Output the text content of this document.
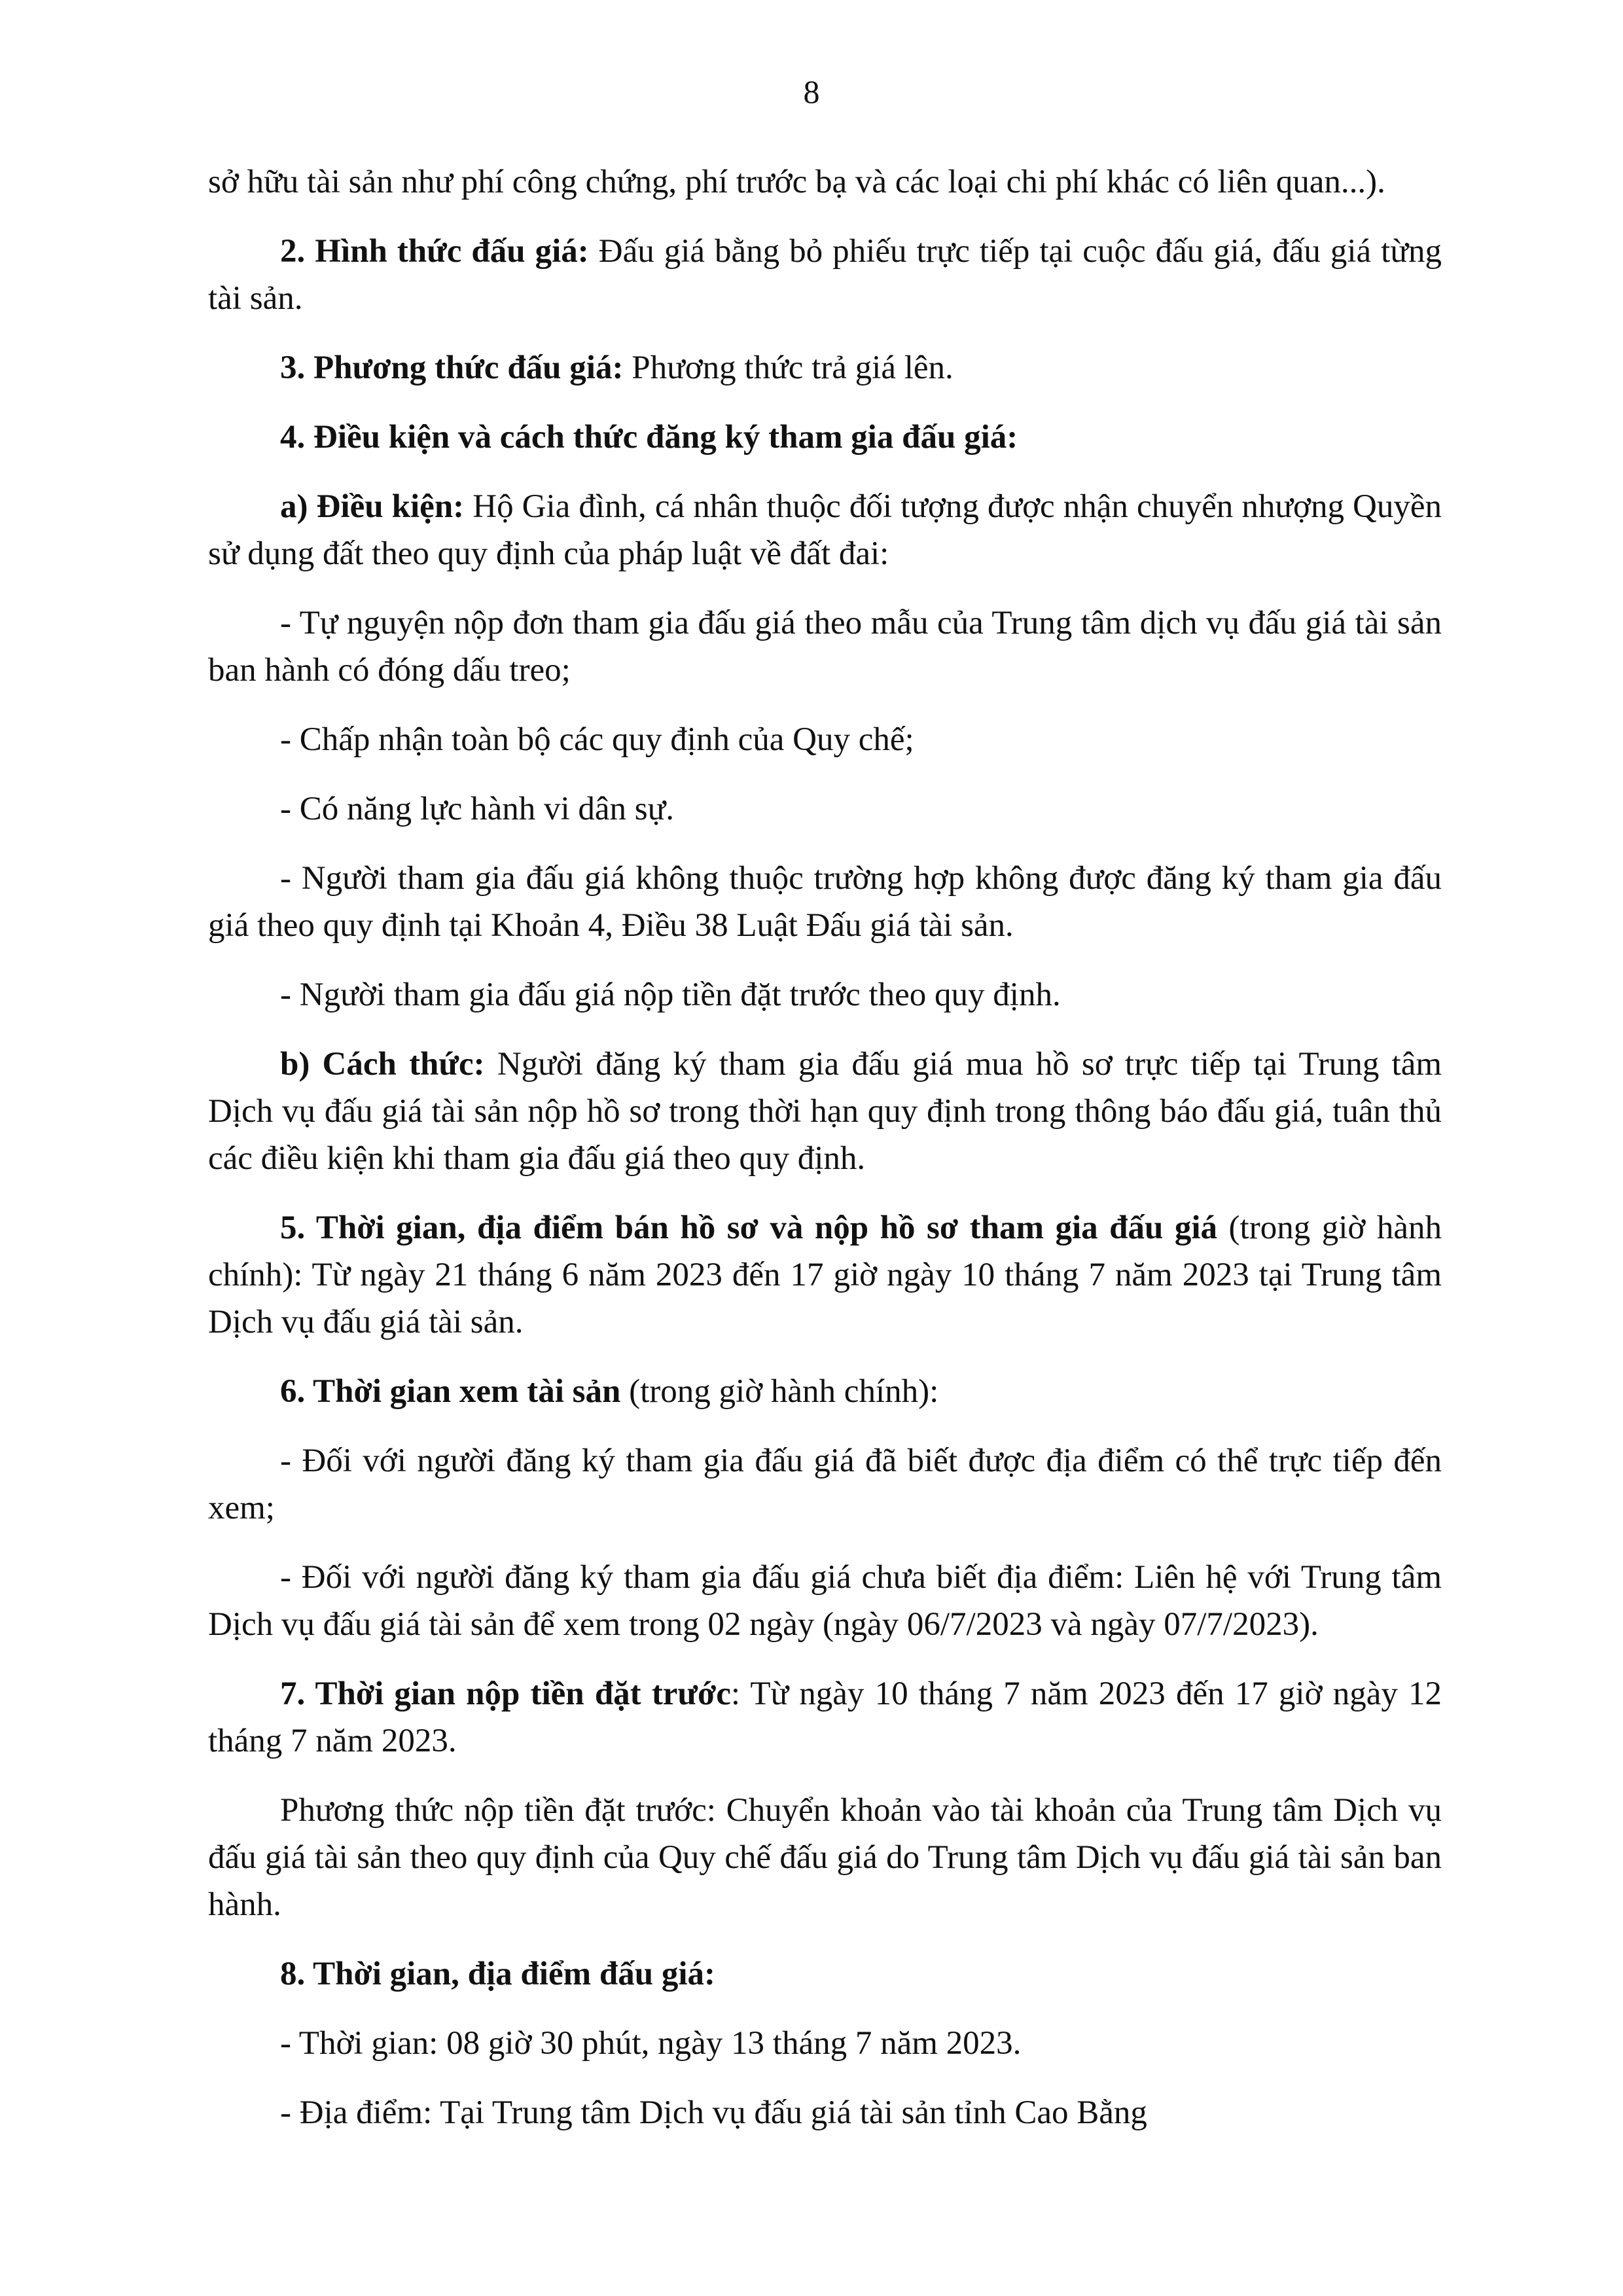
8

sở hữu tài sản như phí công chứng, phí trước bạ và các loại chi phí khác có liên quan...).

2. Hình thức đấu giá: Đấu giá bằng bỏ phiếu trực tiếp tại cuộc đấu giá, đấu giá từng tài sản.

3. Phương thức đấu giá: Phương thức trả giá lên.

4. Điều kiện và cách thức đăng ký tham gia đấu giá:

a) Điều kiện: Hộ Gia đình, cá nhân thuộc đối tượng được nhận chuyển nhượng Quyền sử dụng đất theo quy định của pháp luật về đất đai:

- Tự nguyện nộp đơn tham gia đấu giá theo mẫu của Trung tâm dịch vụ đấu giá tài sản ban hành có đóng dấu treo;

- Chấp nhận toàn bộ các quy định của Quy chế;

- Có năng lực hành vi dân sự.

- Người tham gia đấu giá không thuộc trường hợp không được đăng ký tham gia đấu giá theo quy định tại Khoản 4, Điều 38 Luật Đấu giá tài sản.

- Người tham gia đấu giá nộp tiền đặt trước theo quy định.

b) Cách thức: Người đăng ký tham gia đấu giá mua hồ sơ trực tiếp tại Trung tâm Dịch vụ đấu giá tài sản nộp hồ sơ trong thời hạn quy định trong thông báo đấu giá, tuân thủ các điều kiện khi tham gia đấu giá theo quy định.

5. Thời gian, địa điểm bán hồ sơ và nộp hồ sơ tham gia đấu giá (trong giờ hành chính): Từ ngày 21 tháng 6 năm 2023 đến 17 giờ ngày 10 tháng 7 năm 2023 tại Trung tâm Dịch vụ đấu giá tài sản.

6. Thời gian xem tài sản (trong giờ hành chính):

- Đối với người đăng ký tham gia đấu giá đã biết được địa điểm có thể trực tiếp đến xem;

- Đối với người đăng ký tham gia đấu giá chưa biết địa điểm: Liên hệ với Trung tâm Dịch vụ đấu giá tài sản để xem trong 02 ngày (ngày 06/7/2023 và ngày 07/7/2023).

7. Thời gian nộp tiền đặt trước: Từ ngày 10 tháng 7 năm 2023 đến 17 giờ ngày 12 tháng 7 năm 2023.

Phương thức nộp tiền đặt trước: Chuyển khoản vào tài khoản của Trung tâm Dịch vụ đấu giá tài sản theo quy định của Quy chế đấu giá do Trung tâm Dịch vụ đấu giá tài sản ban hành.

8. Thời gian, địa điểm đấu giá:

- Thời gian: 08 giờ 30 phút, ngày 13 tháng 7 năm 2023.

- Địa điểm: Tại Trung tâm Dịch vụ đấu giá tài sản tỉnh Cao Bằng
